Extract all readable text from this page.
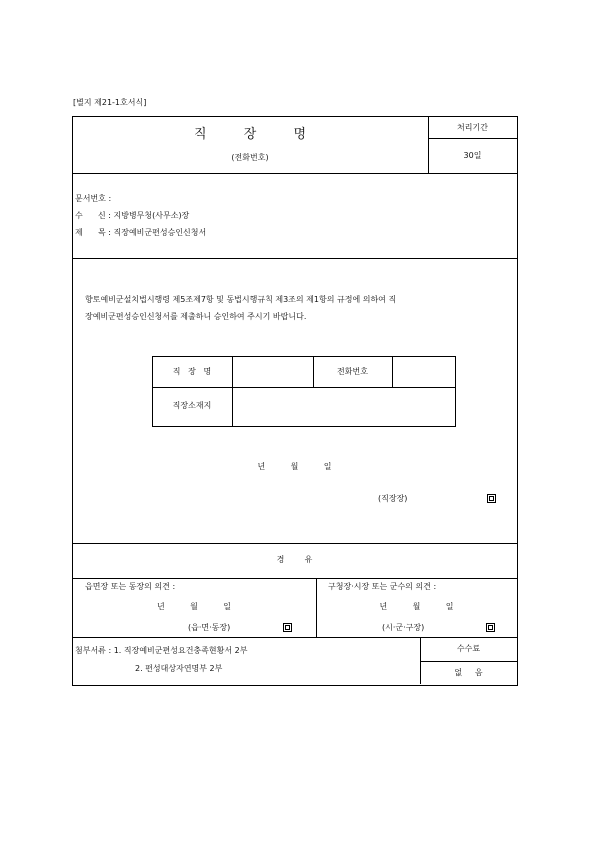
[별지 제21-1호서식]
직         장         명
(전화번호)
처리기간
30일
문서번호 :
수      신 : 지방병무청(사무소)장
제      목 : 직장예비군편성승인신청서
향토예비군설치법시행령 제5조제7항 및 동법시행규칙 제3조의 제1항의 규정에 의하여 직
장예비군편성승인신청서를 제출하니 승인하여 주시기 바랍니다.
직   장   명	전화번호
직장소재지
년          월          일
(직장장)
경        유
읍면장 또는 동장의 의견 :
년          월          일
(읍·면·동장)
구청장·시장 또는 군수의 의견 :
년          월          일
(시·군·구장)
첨부서류 : 1. 직장예비군편성요건충족현황서 2부
2. 편성대상자연명부 2부
수수료
없     음
